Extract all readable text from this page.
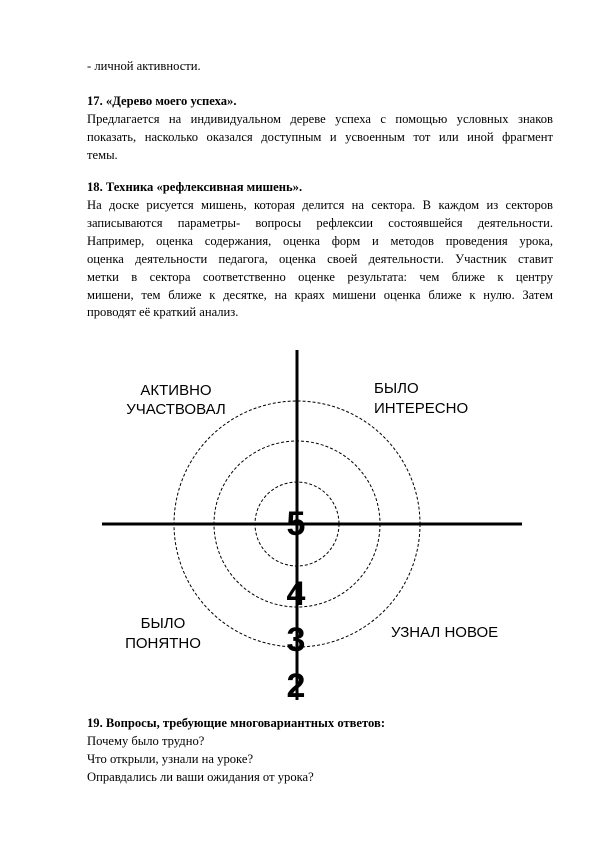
- личной активности.
17. «Дерево моего успеха».
Предлагается на индивидуальном дереве успеха с помощью условных знаков
показать, насколько оказался доступным и усвоенным тот или иной фрагмент
темы.
18. Техника «рефлексивная мишень».
На доске рисуется мишень, которая делится на сектора. В каждом из секторов
записываются параметры- вопросы рефлексии состоявшейся деятельности.
Например, оценка содержания, оценка форм и методов проведения урока,
оценка деятельности педагога, оценка своей деятельности. Участник ставит
метки в сектора соответственно оценке результата: чем ближе к центру
мишени, тем ближе к десятке, на краях мишени оценка ближе к нулю. Затем
проводят её краткий анализ.
АКТИВНО
УЧАСТВОВАЛ
БЫЛО
ИНТЕРЕСНО
БЫЛО
ПОНЯТНО
УЗНАЛ НОВОЕ
5
4
3
2
19. Вопросы, требующие многовариантных ответов:
Почему было трудно?
Что открыли, узнали на уроке?
Оправдались ли ваши ожидания от урока?
